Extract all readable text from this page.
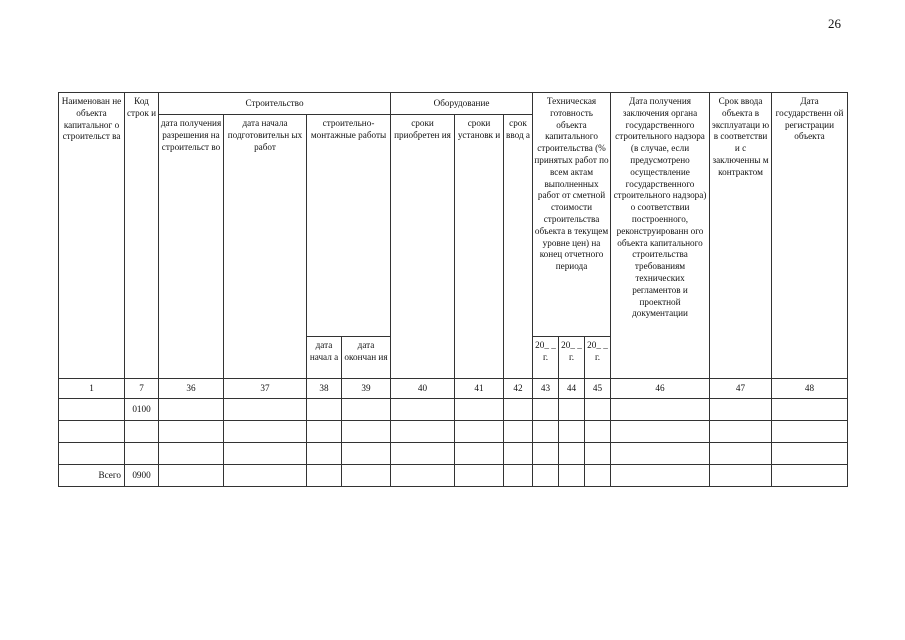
26
Наименован не объекта капитальног о строительст ва	Код строк и	Строительство				Оборудование			Техническая готовность объекта капитального строительства (% принятых работ по всем актам выполненных работ от сметной стоимости строительства объекта в текущем уровне цен) на конец отчетного периода			Дата получения заключения органа государственного строительного надзора (в случае, если предусмотрено осуществление государственного строительного надзора) о соответствии построенного, реконструированн ого объекта капитального строительства требованиям технических регламентов и проектной документации	Срок ввода объекта в эксплуатаци ю в соответстви и с заключенны м контрактом	Дата государственн ой регистрации объекта
		дата получения разрешения на строительст во	дата начала подготовительн ых работ	строительно-монтажные работы		сроки приобретен ия	сроки установк и	срок ввод а						
				дата начал а	дата окончан ия				20_ _ г.	20_ _ г.	20_ _ г.			
1	7	36	37	38	39	40	41	42	43	44	45	46	47	48
	0100													

Всего	0900													
